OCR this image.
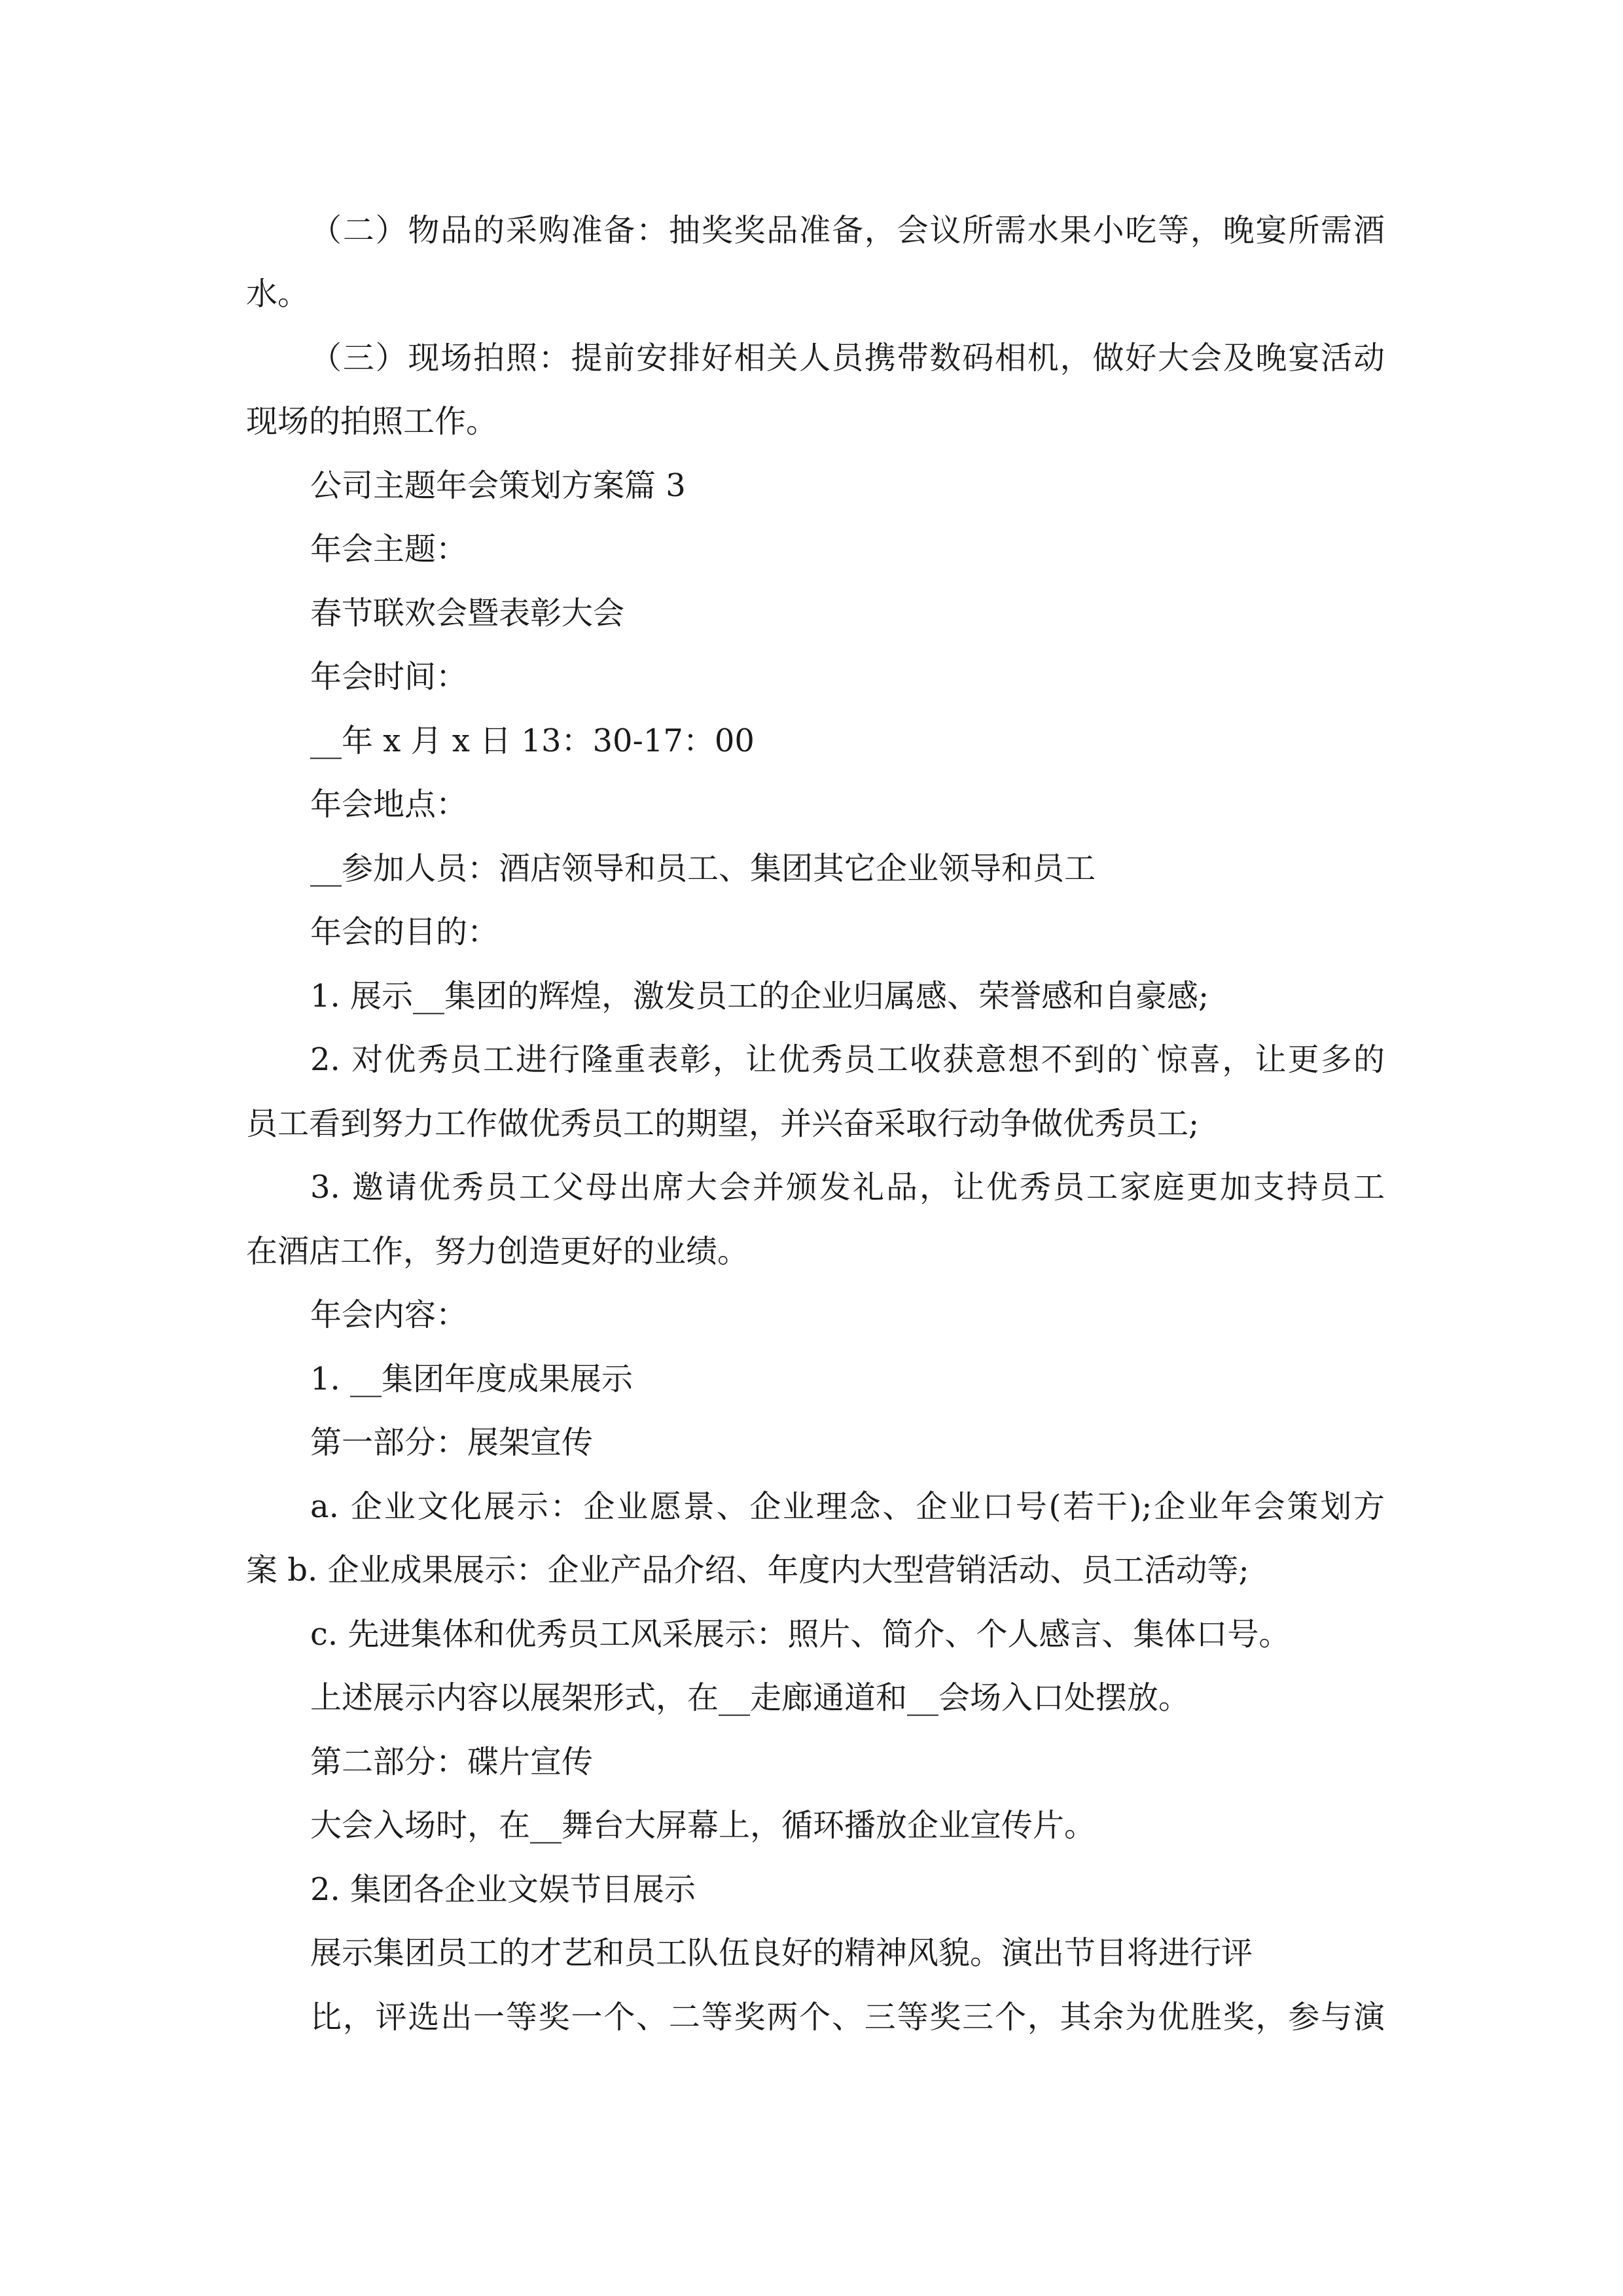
（二）物品的采购准备：抽奖奖品准备，会议所需水果小吃等，晚宴所需酒
水。
（三）现场拍照：提前安排好相关人员携带数码相机，做好大会及晚宴活动
现场的拍照工作。
公司主题年会策划方案篇 3
年会主题：
春节联欢会暨表彰大会
年会时间：
__年 x 月 x 日 13：30-17：00
年会地点：
__参加人员：酒店领导和员工、集团其它企业领导和员工
年会的目的：
1. 展示__集团的辉煌，激发员工的企业归属感、荣誉感和自豪感;
2. 对优秀员工进行隆重表彰，让优秀员工收获意想不到的`惊喜，让更多的
员工看到努力工作做优秀员工的期望，并兴奋采取行动争做优秀员工;
3. 邀请优秀员工父母出席大会并颁发礼品，让优秀员工家庭更加支持员工
在酒店工作，努力创造更好的业绩。
年会内容：
1. __集团年度成果展示
第一部分：展架宣传
a. 企业文化展示：企业愿景、企业理念、企业口号(若干);企业年会策划方
案 b. 企业成果展示：企业产品介绍、年度内大型营销活动、员工活动等;
c. 先进集体和优秀员工风采展示：照片、简介、个人感言、集体口号。
上述展示内容以展架形式，在__走廊通道和__会场入口处摆放。
第二部分：碟片宣传
大会入场时，在__舞台大屏幕上，循环播放企业宣传片。
2. 集团各企业文娱节目展示
展示集团员工的才艺和员工队伍良好的精神风貌。演出节目将进行评
比，评选出一等奖一个、二等奖两个、三等奖三个，其余为优胜奖，参与演
